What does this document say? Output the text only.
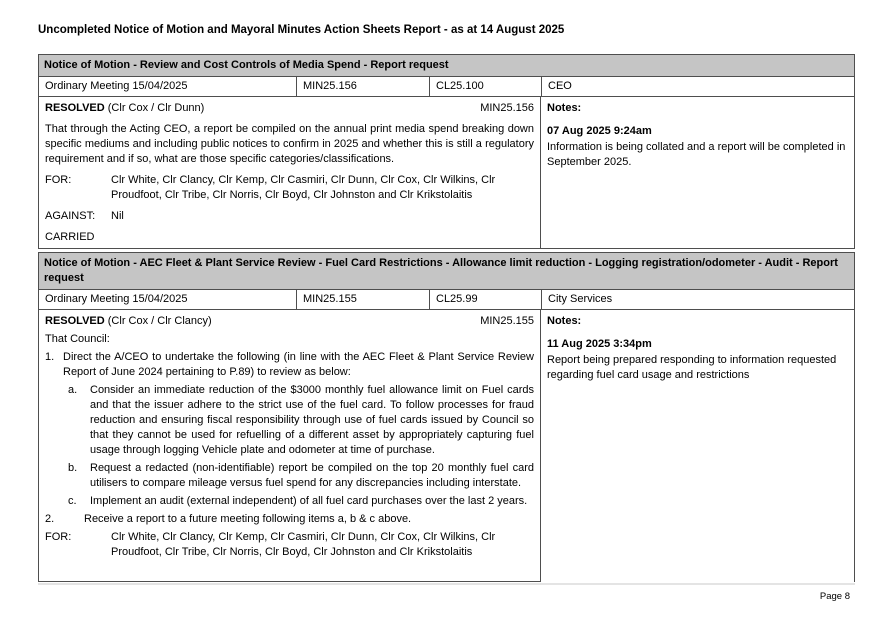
Uncompleted Notice of Motion and Mayoral Minutes Action Sheets Report - as at 14 August 2025
Notice of Motion - Review and Cost Controls of Media Spend - Report request
Ordinary Meeting 15/04/2025	MIN25.156	CL25.100	CEO
RESOLVED (Clr Cox / Clr Dunn)	MIN25.156

That through the Acting CEO, a report be compiled on the annual print media spend breaking down specific mediums and including public notices to confirm in 2025 and whether this is still a regulatory requirement and if so, what are those specific categories/classifications.

FOR:	Clr White, Clr Clancy, Clr Kemp, Clr Casmiri, Clr Dunn, Clr Cox, Clr Wilkins, Clr Proudfoot, Clr Tribe, Clr Norris, Clr Boyd, Clr Johnston and Clr Krikstolaitis
AGAINST:	Nil
CARRIED
Notes:
07 Aug 2025 9:24am
Information is being collated and a report will be completed in September 2025.
Notice of Motion - AEC Fleet & Plant Service Review - Fuel Card Restrictions - Allowance limit reduction - Logging registration/odometer - Audit - Report request
Ordinary Meeting 15/04/2025	MIN25.155	CL25.99	City Services
RESOLVED (Clr Cox / Clr Clancy)	MIN25.155
That Council:
1. Direct the A/CEO to undertake the following (in line with the AEC Fleet & Plant Service Review Report of June 2024 pertaining to P.89) to review as below:
a.	Consider an immediate reduction of the $3000 monthly fuel allowance limit on Fuel cards and that the issuer adhere to the strict use of the fuel card. To follow processes for fraud reduction and ensuring fiscal responsibility through use of fuel cards issued by Council so that they cannot be used for refuelling of a different asset by appropriately capturing fuel usage through logging Vehicle plate and odometer at time of purchase.
b.	Request a redacted (non-identifiable) report be compiled on the top 20 monthly fuel card utilisers to compare mileage versus fuel spend for any discrepancies including interstate.
c.	Implement an audit (external independent) of all fuel card purchases over the last 2 years.
2.	Receive a report to a future meeting following items a, b & c above.
FOR:	Clr White, Clr Clancy, Clr Kemp, Clr Casmiri, Clr Dunn, Clr Cox, Clr Wilkins, Clr Proudfoot, Clr Tribe, Clr Norris, Clr Boyd, Clr Johnston and Clr Krikstolaitis
Notes:
11 Aug 2025 3:34pm
Report being prepared responding to information requested regarding fuel card usage and restrictions
Page 8
